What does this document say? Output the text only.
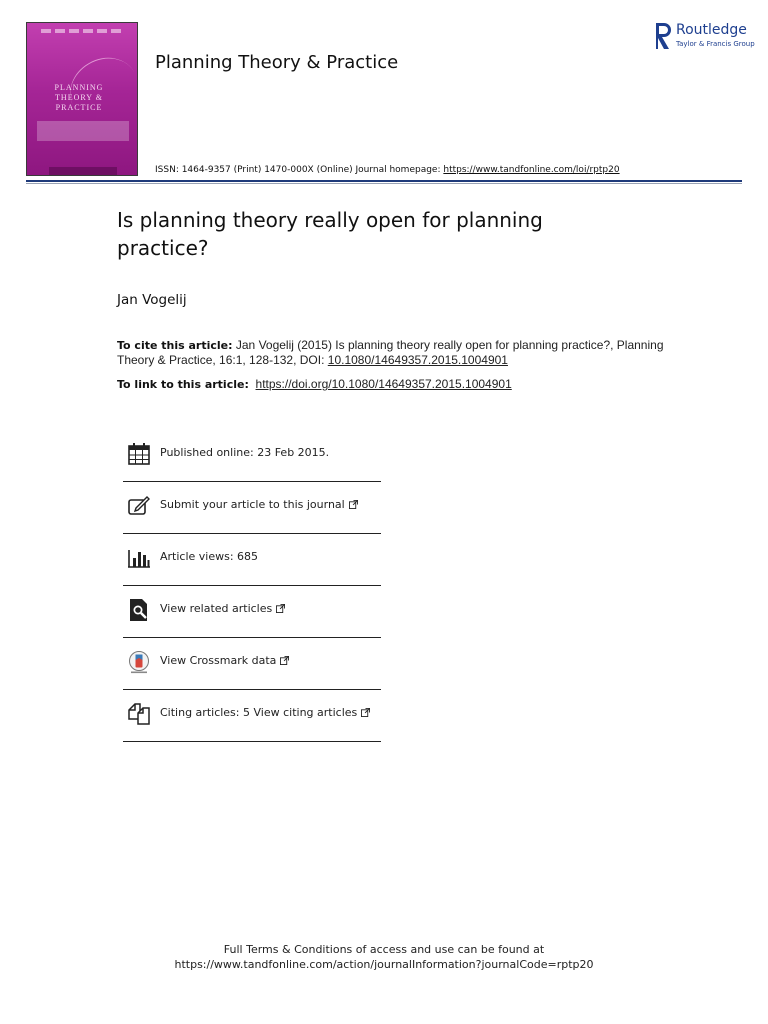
PLANNING
THEORY &
PRACTICE
Planning Theory & Practice
ISSN: 1464-9357 (Print) 1470-000X (Online) Journal homepage: https://www.tandfonline.com/loi/rptp20
Routledge
Taylor & Francis Group
Is planning theory really open for planning practice?
Jan Vogelij
To cite this article: Jan Vogelij (2015) Is planning theory really open for planning practice?, Planning Theory & Practice, 16:1, 128-132, DOI: 10.1080/14649357.2015.1004901
To link to this article: https://doi.org/10.1080/14649357.2015.1004901
Published online: 23 Feb 2015.
Submit your article to this journal
Article views: 685
View related articles
View Crossmark data
Citing articles: 5 View citing articles
Full Terms & Conditions of access and use can be found at
https://www.tandfonline.com/action/journalInformation?journalCode=rptp20
